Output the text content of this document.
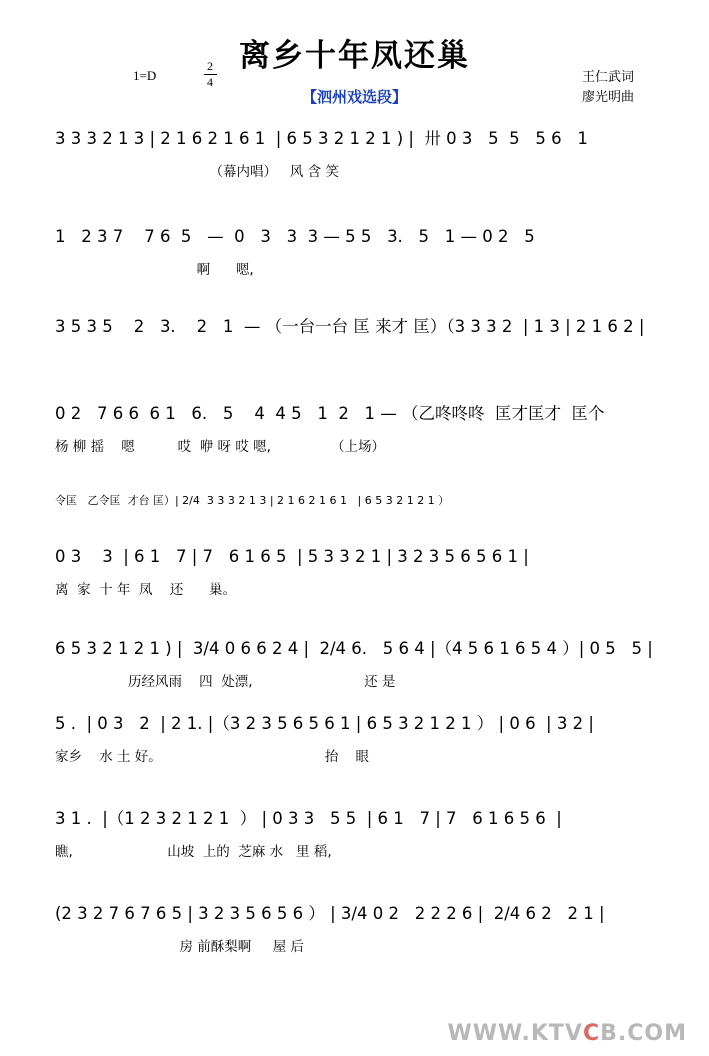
离乡十年凤还巢
1=D
2
4
【泗州戏选段】
王仁武词
廖光明曲
3 3 3 2 1 3 | 2 1 6 2 1 6 1  | 6 5 3 2 1 2 1 ) |  卅 0 3   5  5   5 6   1
（幕内唱）   风 含 笑
1   2 3 7    7 6  5   —  0   3   3  3 — 5 5   3.   5   1 — 0 2   5
啊      嗯,
3 5 3 5    2   3.    2   1  — （一台一台 匡 来才 匡）（3 3 3 2  | 1 3 | 2 1 6 2 |
0 2   7 6 6  6 1   6.   5    4  4 5   1  2   1 — （乙咚咚咚  匡才匡才  匡个
杨 柳 摇    嗯          哎  咿 呀 哎 嗯,              （上场）
令匡   乙令匡  才台 匡）| 2/4  3 3 3 2 1 3 | 2 1 6 2 1 6 1   | 6 5 3 2 1 2 1 ）
0 3    3  | 6 1   7 | 7   6 1 6 5  | 5 3 3 2 1 | 3 2 3 5 6 5 6 1 |
离  家  十 年  凤    还      巢。
6 5 3 2 1 2 1 ) |  3/4 0 6 6 2 4 |  2/4 6.   5 6 4 |（4 5 6 1 6 5 4 ）| 0 5   5 |
历经风雨    四  处漂,                          还 是
5 .  | 0 3   2  | 2 1. |（3 2 3 5 6 5 6 1 | 6 5 3 2 1 2 1 ） | 0 6  | 3 2 |
家乡    水 土 好。                                      抬    眼
3 1 .  |（1 2 3 2 1 2 1  ） | 0 3 3   5 5  | 6 1   7 | 7   6 1 6 5 6  |
瞧,                      山坡  上的  芝麻 水   里 稻,
(2 3 2 7 6 7 6 5 | 3 2 3 5 6 5 6 ） | 3/4 0 2   2 2 2 6 |  2/4 6 2   2 1 |
房 前酥梨啊     屋 后
WWW.KTVCB.COM
